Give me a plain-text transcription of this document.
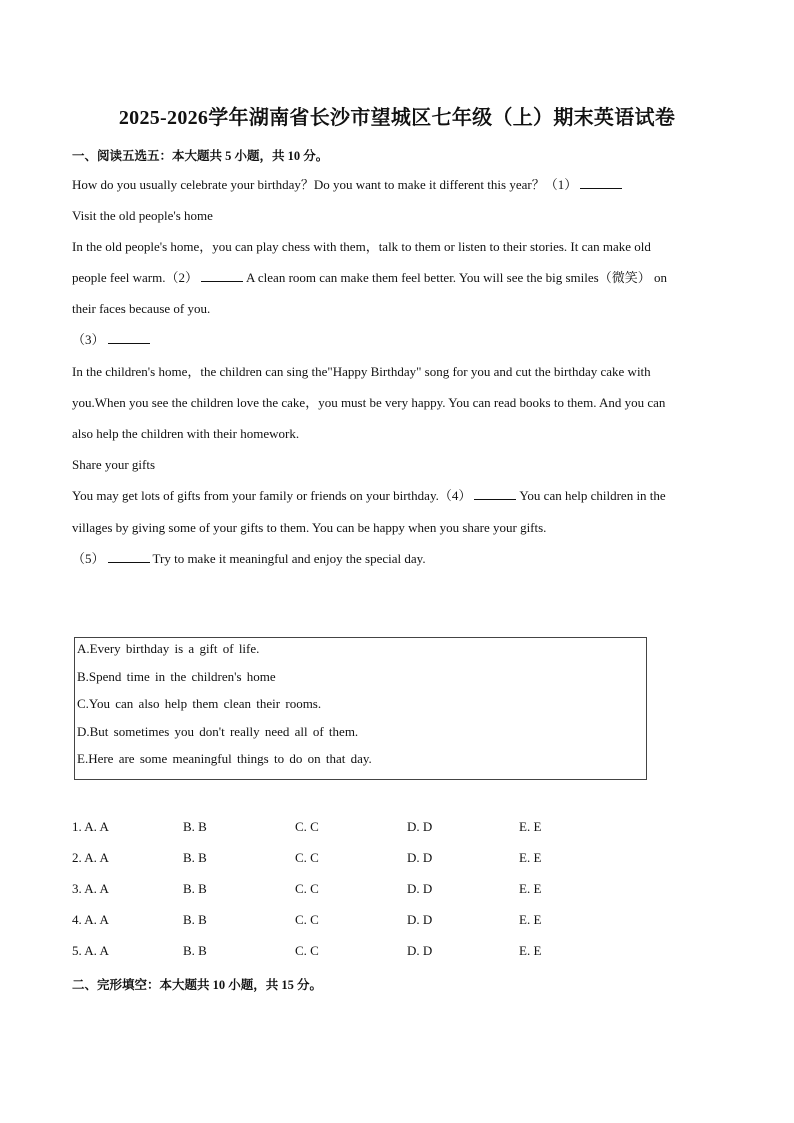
2025-2026学年湖南省长沙市望城区七年级（上）期末英语试卷
一、阅读五选五：本大题共 5 小题，共 10 分。
How do you usually celebrate your birthday？Do you want to make it different this year？（1）
Visit the old people's home
In the old people's home，you can play chess with them，talk to them or listen to their stories. It can make old
people feel warm.（2）	A clean room can make them feel better. You will see the big smiles（微笑） on
their faces because of you.
（3）
In the children's home，the children can sing the"Happy Birthday" song for you and cut the birthday cake with
you.When you see the children love the cake，you must be very happy. You can read books to them. And you can
also help the children with their homework.
Share your gifts
You may get lots of gifts from your family or friends on your birthday.（4）	You can help children in the
villages by giving some of your gifts to them. You can be happy when you share your gifts.
（5）	Try to make it meaningful and enjoy the special day.
A.Every birthday is a gift of life.
B.Spend time in the children's home
C.You can also help them clean their rooms.
D.But sometimes you don't really need all of them.
E.Here are some meaningful things to do on that day.
1. A. A	B. B	C. C	D. D	E. E
2. A. A	B. B	C. C	D. D	E. E
3. A. A	B. B	C. C	D. D	E. E
4. A. A	B. B	C. C	D. D	E. E
5. A. A	B. B	C. C	D. D	E. E
二、完形填空：本大题共 10 小题，共 15 分。
